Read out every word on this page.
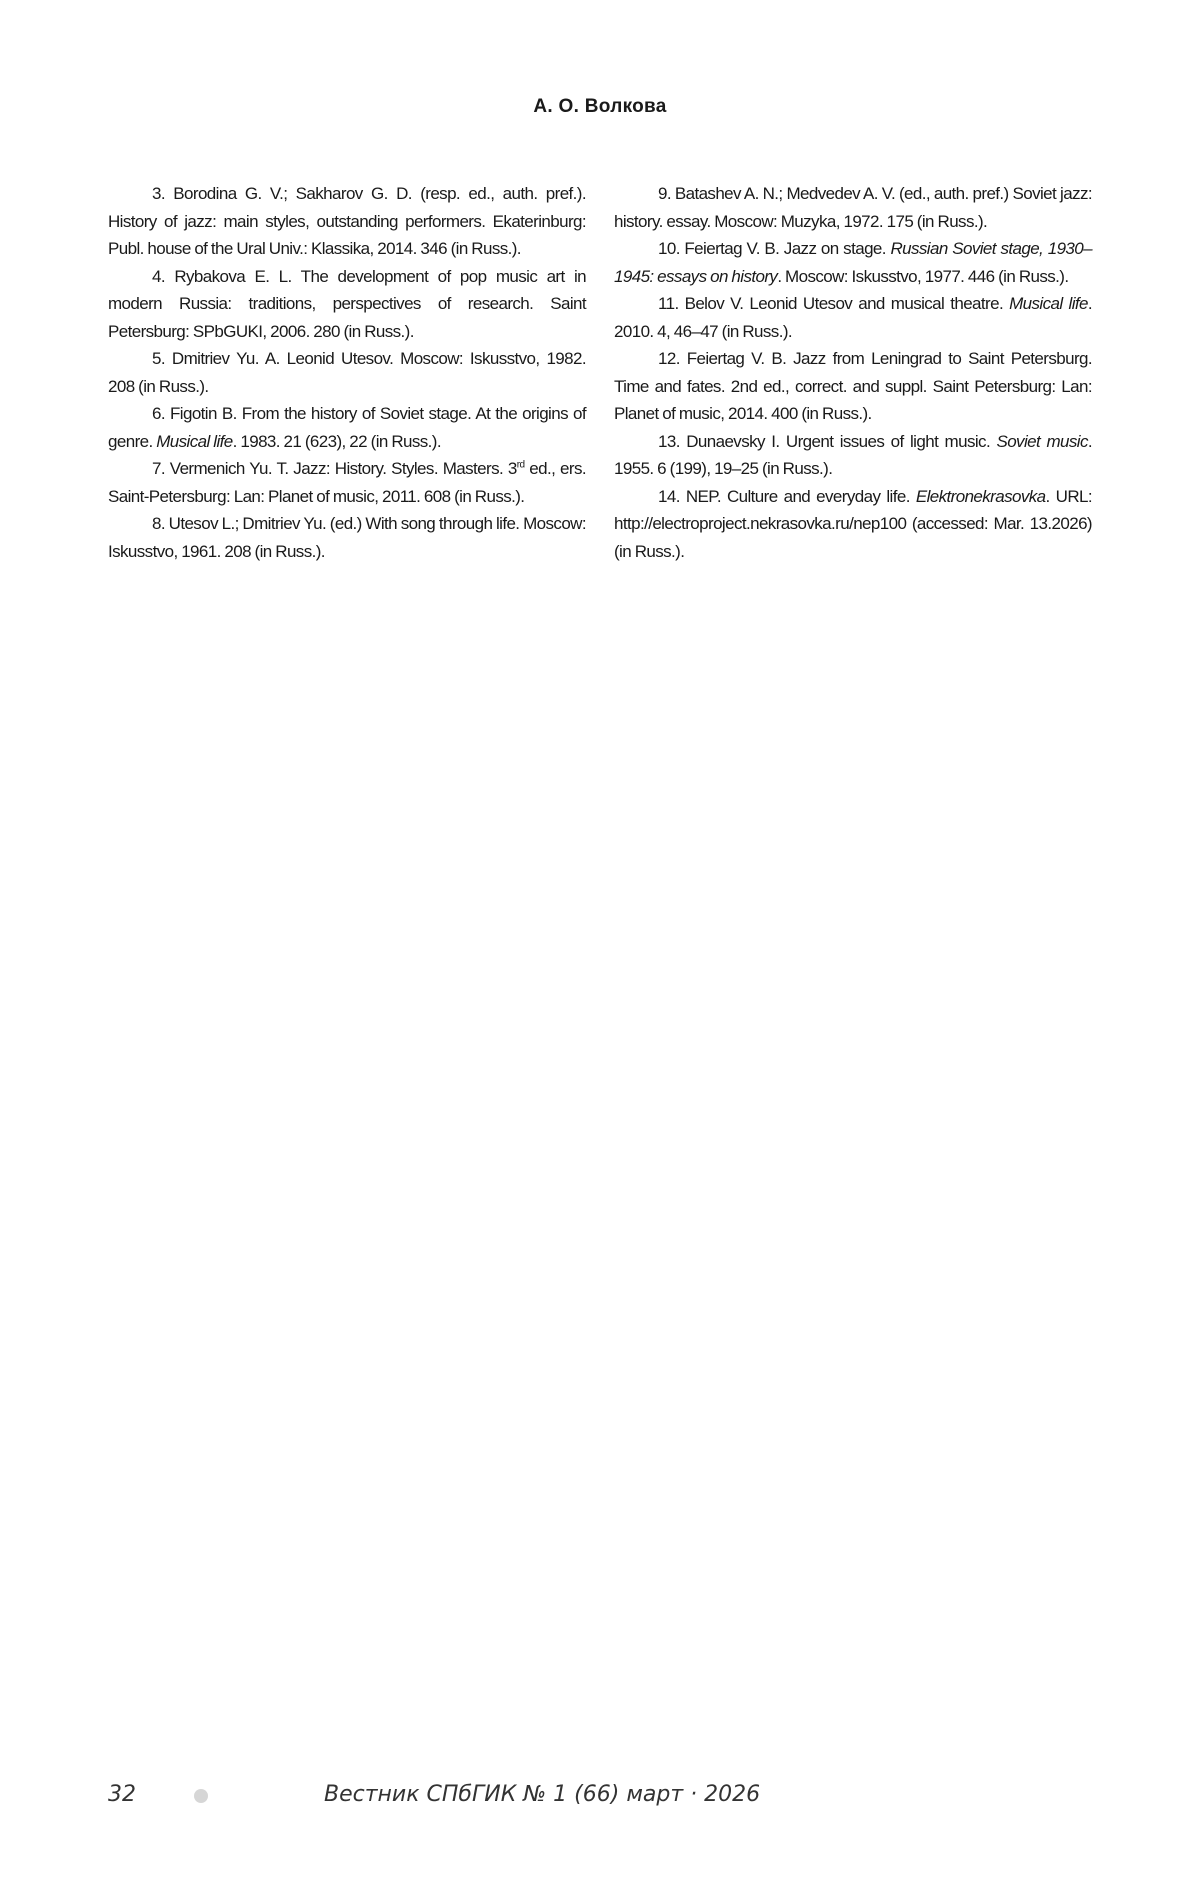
А. О. Волкова

3. Borodina G. V.; Sakharov G. D. (resp. ed., auth. pref.). History of jazz: main styles, outstanding performers. Ekaterinburg: Publ. house of the Ural Univ.: Klassika, 2014. 346 (in Russ.).

4. Rybakova E. L. The development of pop music art in modern Russia: traditions, perspectives of research. Saint Petersburg: SPbGUKI, 2006. 280 (in Russ.).

5. Dmitriev Yu. A. Leonid Utesov. Moscow: Iskusstvo, 1982. 208 (in Russ.).

6. Figotin B. From the history of Soviet stage. At the origins of genre. Musical life. 1983. 21 (623), 22 (in Russ.).

7. Vermenich Yu. T. Jazz: History. Styles. Masters. 3rd ed., ers. Saint-Petersburg: Lan: Planet of music, 2011. 608 (in Russ.).

8. Utesov L.; Dmitriev Yu. (ed.) With song through life. Moscow: Iskusstvo, 1961. 208 (in Russ.).

9. Batashev A. N.; Medvedev A. V. (ed., auth. pref.) Soviet jazz: history. essay. Moscow: Muzyka, 1972. 175 (in Russ.).

10. Feiertag V. B. Jazz on stage. Russian Soviet stage, 1930–1945: essays on history. Moscow: Iskusstvo, 1977. 446 (in Russ.).

11. Belov V. Leonid Utesov and musical theatre. Musical life. 2010. 4, 46–47 (in Russ.).

12. Feiertag V. B. Jazz from Leningrad to Saint Petersburg. Time and fates. 2nd ed., correct. and suppl. Saint Petersburg: Lan: Planet of music, 2014. 400 (in Russ.).

13. Dunaevsky I. Urgent issues of light music. Soviet music. 1955. 6 (199), 19–25 (in Russ.).

14. NEP. Culture and everyday life. Elektronekrasovka. URL: http://electroproject.nekrasovka.ru/nep100 (accessed: Mar. 13.2026) (in Russ.).

32	Вестник СПбГИК № 1 (66) март · 2026
